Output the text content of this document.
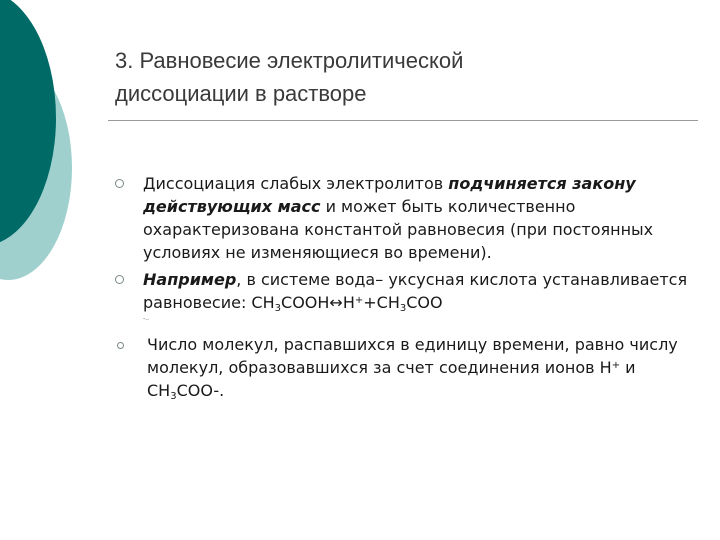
3. Равновесие электролитической
диссоциации в растворе
Диссоциация слабых электролитов подчиняется закону действующих масс и может быть количественно охарактеризована константой равновесия (при постоянных условиях не изменяющиеся во времени).
Например, в системе вода– уксусная кислота устанавливается равновесие: $CH_3COOH\leftrightarrow H^++CH_3COO$
-..
Число молекул, распавшихся в единицу времени, равно числу молекул, образовавшихся за счет соединения ионов H+ и $CH_3COO-$.
